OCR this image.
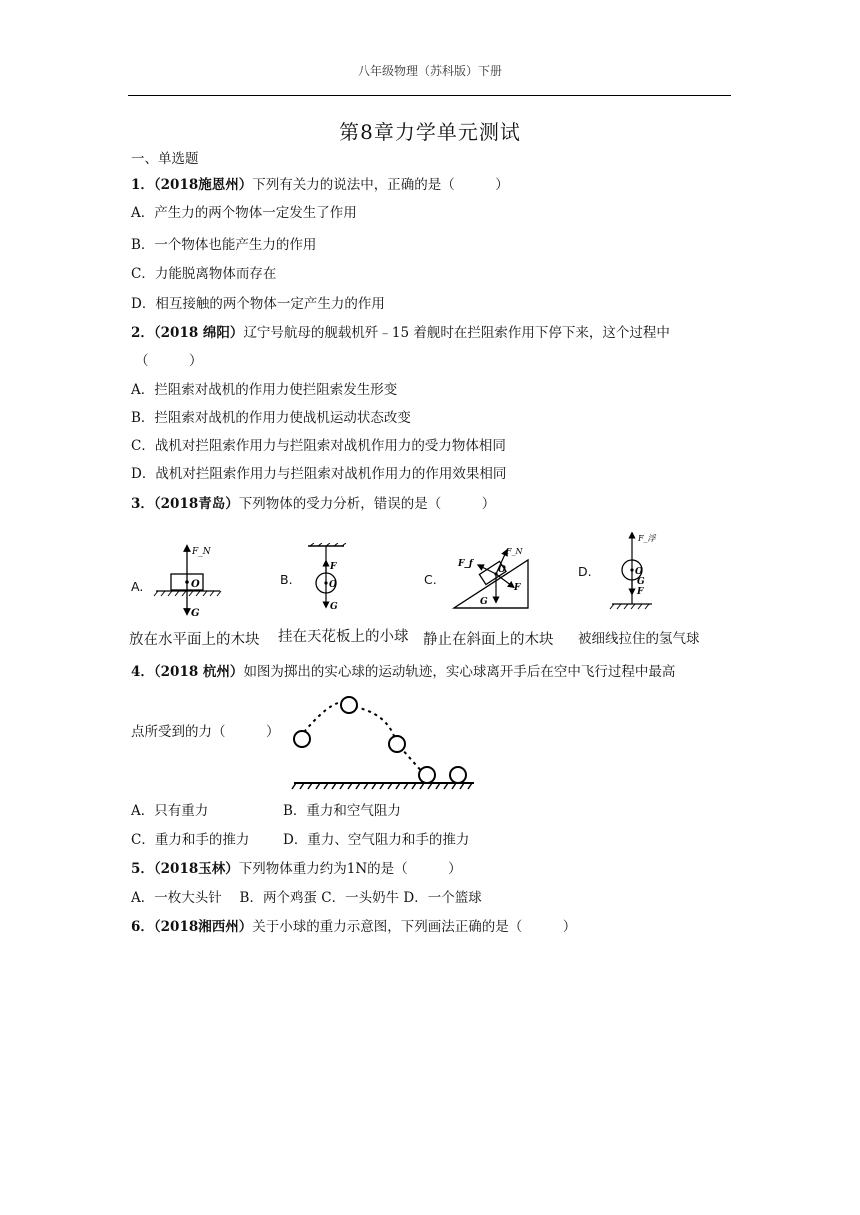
八年级物理（苏科版）下册
第8章力学单元测试
一、单选题
1．（2018施恩州）下列有关力的说法中，正确的是（　　　）
A．产生力的两个物体一定发生了作用
B．一个物体也能产生力的作用
C．力能脱离物体而存在
D．相互接触的两个物体一定产生力的作用
2．（2018 绵阳）辽宁号航母的舰载机歼﹣15 着舰时在拦阻索作用下停下来，这个过程中
（　　　）
A．拦阻索对战机的作用力使拦阻索发生形变
B．拦阻索对战机的作用力使战机运动状态改变
C．战机对拦阻索作用力与拦阻索对战机作用力的受力物体相同
D．战机对拦阻索作用力与拦阻索对战机作用力的作用效果相同
3．（2018青岛）下列物体的受力分析，错误的是（　　　）
A.	B.	C.
D.
F_N
O
G
F
O
G
F_f
F_N
O
G
F
F_浮
O
G
F
放在水平面上的木块 挂在天花板上的小球 静止在斜面上的木块 被细线拉住的氢气球
4．（2018 杭州）如图为掷出的实心球的运动轨迹，实心球离开手后在空中飞行过程中最高
点所受到的力（　　　）
A．只有重力	B．重力和空气阻力
C．重力和手的推力 D．重力、空气阻力和手的推力
5．（2018玉林）下列物体重力约为1N的是（　　　）
A．一枚大头针　 B．两个鸡蛋 C．一头奶牛 D．一个篮球
6．（2018湘西州）关于小球的重力示意图，下列画法正确的是（　　　）
